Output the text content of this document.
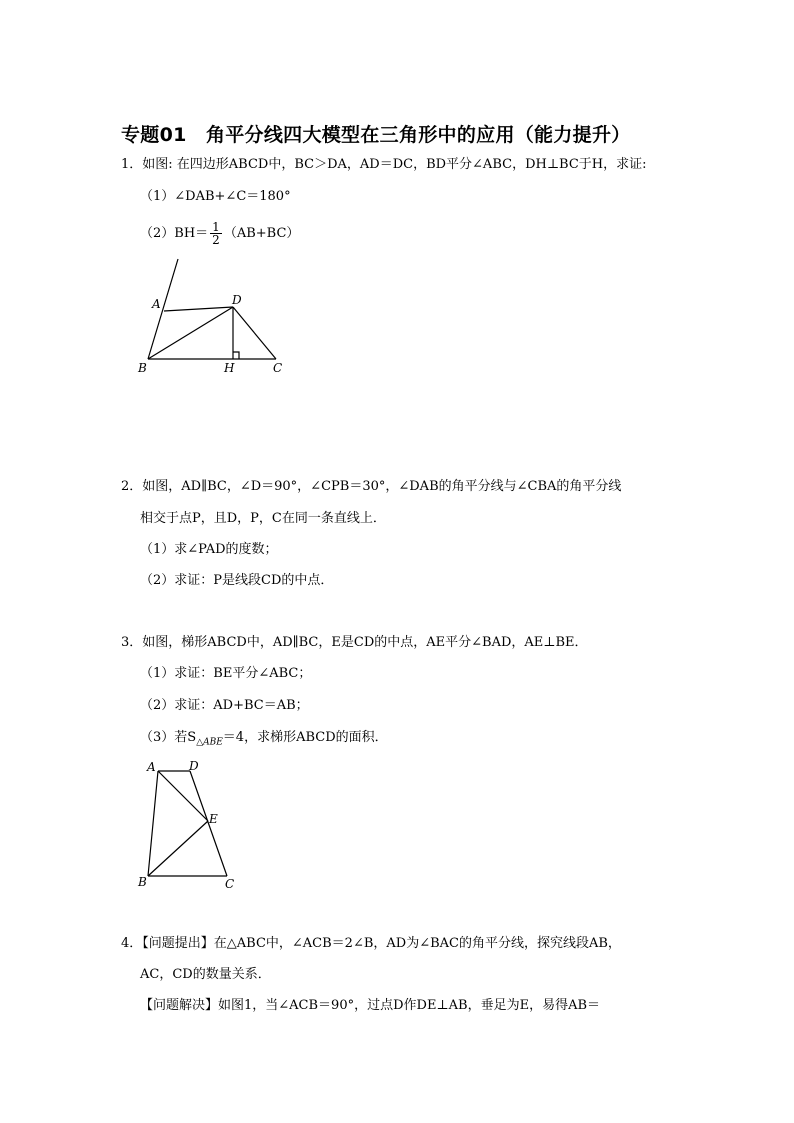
专题01　角平分线四大模型在三角形中的应用（能力提升）
1．如图: 在四边形ABCD中，BC＞DA，AD＝DC，BD平分∠ABC，DH⊥BC于H，求证:
（1）∠DAB+∠C＝180°
$(2)BH= \frac{1}{2} (AB+BC)$
A	D
B	H	C
2．如图，AD∥BC，∠D＝90°，∠CPB＝30°，∠DAB的角平分线与∠CBA的角平分线
相交于点P，且D，P，C在同一条直线上．
（1）求∠PAD的度数；
（2）求证：P是线段CD的中点．
3．如图，梯形ABCD中，AD∥BC，E是CD的中点，AE平分∠BAD，AE⊥BE．
（1）求证：BE平分∠ABC；
（2）求证：AD+BC＝AB；
（3）若$S_{\triangle ABE}=4$，求梯形ABCD的面积．
A	D
E
B	C
4．【问题提出】在△ABC中，∠ACB＝2∠B，AD为∠BAC的角平分线，探究线段AB，
AC，CD的数量关系．
【问题解决】如图1，当∠ACB＝90°，过点D作DE⊥AB，垂足为E，易得AB＝
